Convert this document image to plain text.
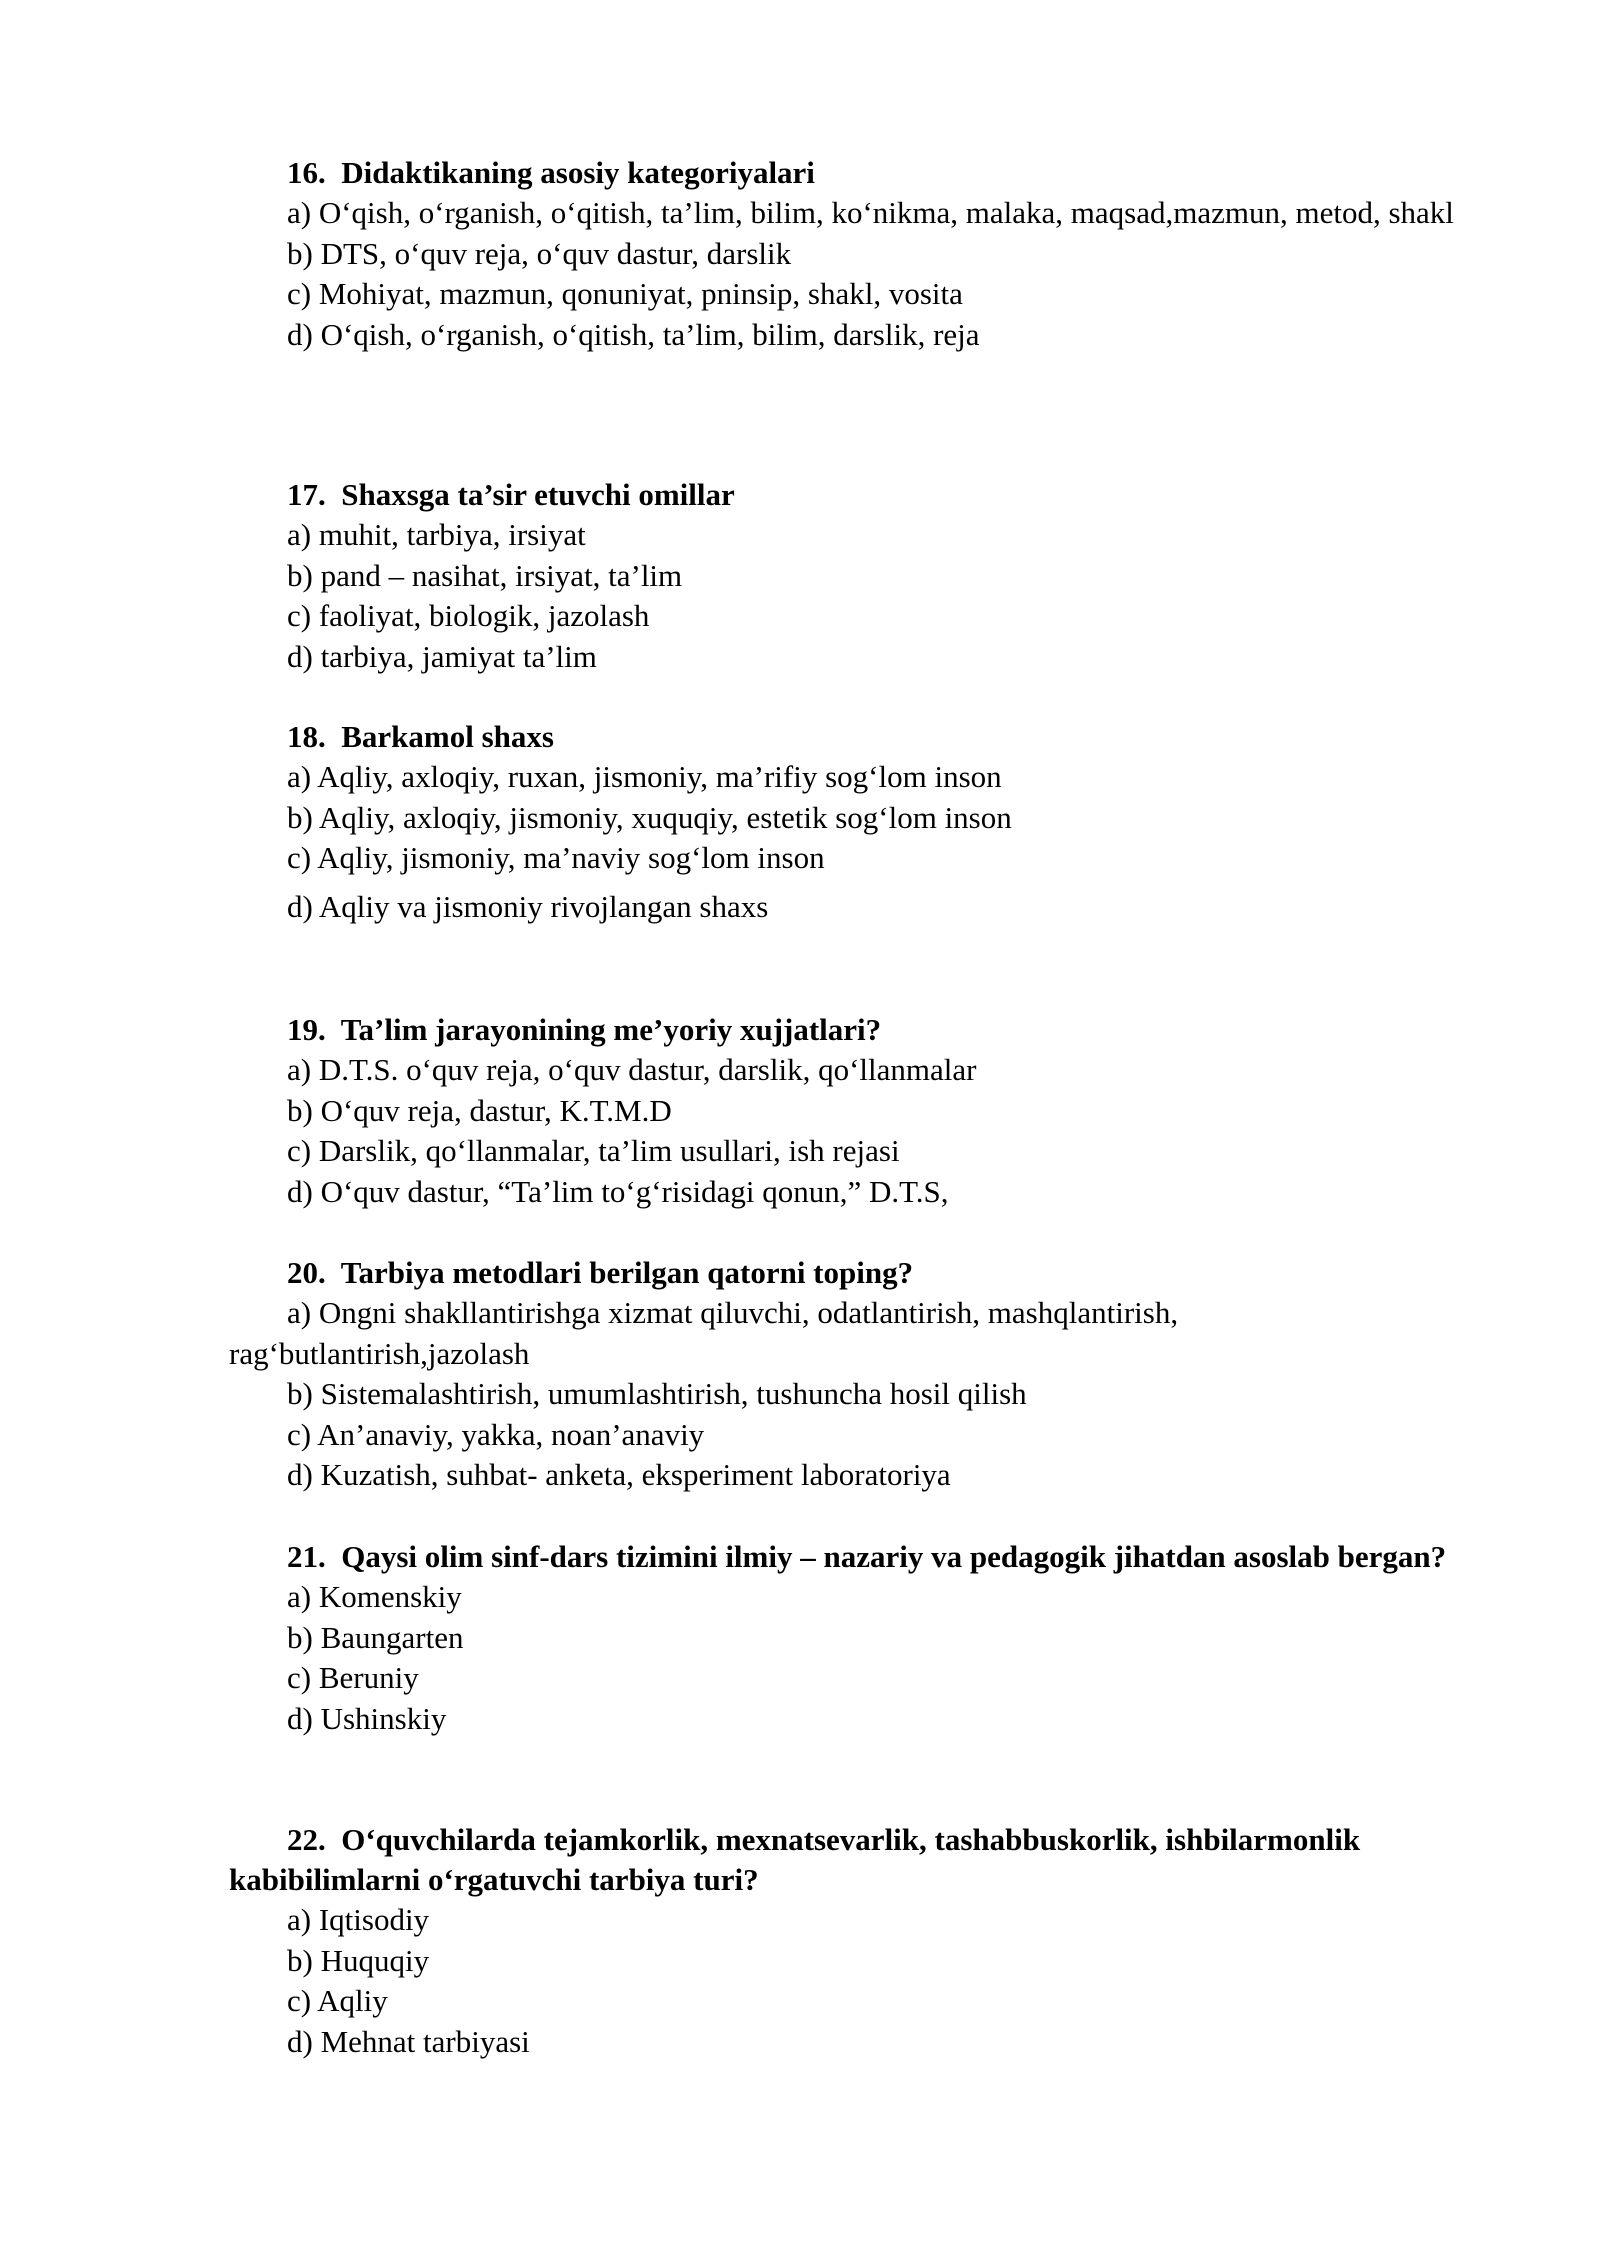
16. Didaktikaning asosiy kategoriyalari

a) O‘qish, o‘rganish, o‘qitish, ta’lim, bilim, ko‘nikma, malaka, maqsad,mazmun, metod, shakl

b) DTS, o‘quv reja, o‘quv dastur, darslik

c) Mohiyat, mazmun, qonuniyat, pninsip, shakl, vosita

d) O‘qish, o‘rganish, o‘qitish, ta’lim, bilim, darslik, reja

17. Shaxsga ta’sir etuvchi omillar

a) muhit, tarbiya, irsiyat

b) pand – nasihat, irsiyat, ta’lim

c) faoliyat, biologik, jazolash

d) tarbiya, jamiyat ta’lim

18. Barkamol shaxs

a) Aqliy, axloqiy, ruxan, jismoniy, ma’rifiy sog‘lom inson

b) Aqliy, axloqiy, jismoniy, xuquqiy, estetik sog‘lom inson

c) Aqliy, jismoniy, ma’naviy sog‘lom inson

d) Aqliy va jismoniy rivojlangan shaxs

19. Ta’lim jarayonining me’yoriy xujjatlari?

a) D.T.S. o‘quv reja, o‘quv dastur, darslik, qo‘llanmalar

b) O‘quv reja, dastur, K.T.M.D

c) Darslik, qo‘llanmalar, ta’lim usullari, ish rejasi

d) O‘quv dastur, “Ta’lim to‘g‘risidagi qonun,” D.T.S,

20. Tarbiya metodlari berilgan qatorni toping?

a) Ongni shakllantirishga xizmat qiluvchi, odatlantirish, mashqlantirish, rag‘butlantirish,jazolash

b) Sistemalashtirish, umumlashtirish, tushuncha hosil qilish

c) An’anaviy, yakka, noan’anaviy

d) Kuzatish, suhbat- anketa, eksperiment laboratoriya

21. Qaysi olim sinf-dars tizimini ilmiy – nazariy va pedagogik jihatdan asoslab bergan?

a) Komenskiy

b) Baungarten

c) Beruniy

d) Ushinskiy

22. O‘quvchilarda tejamkorlik, mexnatsevarlik, tashabbuskorlik, ishbilarmonlik kabibilimlarni o‘rgatuvchi tarbiya turi?

a) Iqtisodiy

b) Huquqiy

c) Aqliy

d) Mehnat tarbiyasi
